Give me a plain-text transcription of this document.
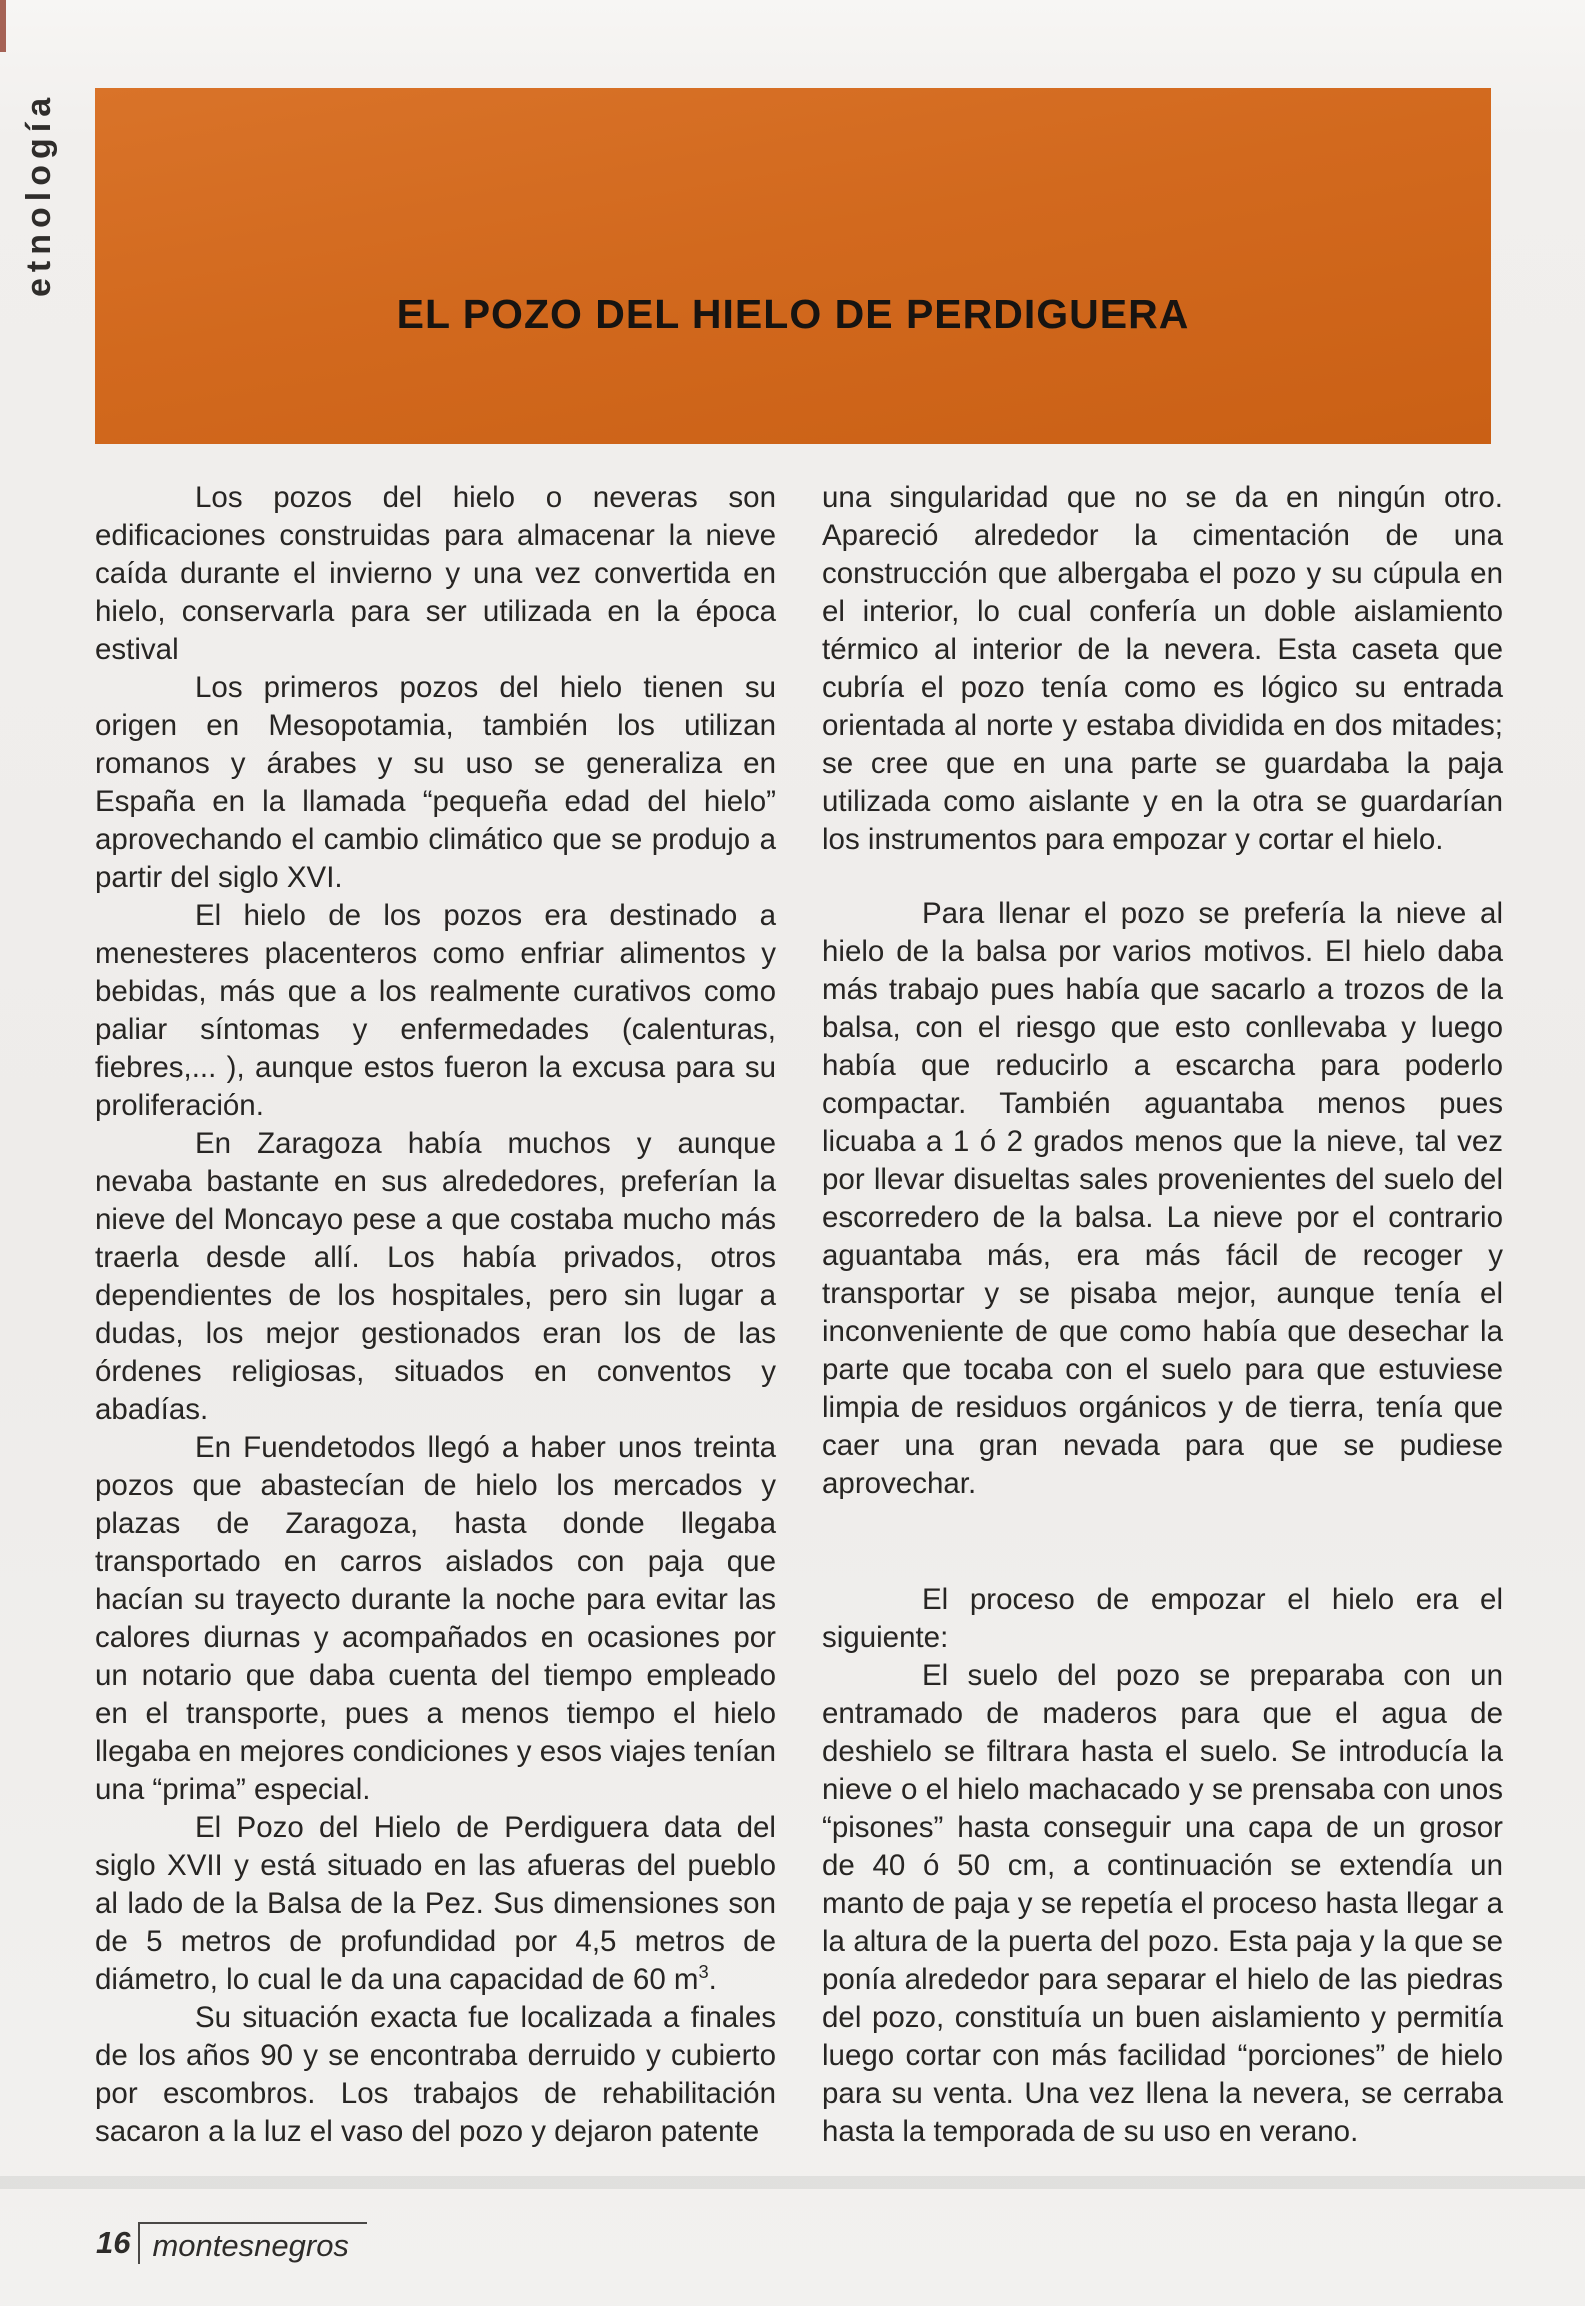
etnología
EL POZO DEL HIELO DE PERDIGUERA

Los pozos del hielo o neveras son edificaciones construidas para almacenar la nieve caída durante el invierno y una vez convertida en hielo, conservarla para ser utilizada en la época estival

Los primeros pozos del hielo tienen su origen en Mesopotamia, también los utilizan romanos y árabes y su uso se generaliza en España en la llamada “pequeña edad del hielo” aprovechando el cambio climático que se produjo a partir del siglo XVI.

El hielo de los pozos era destinado a menesteres placenteros como enfriar alimentos y bebidas, más que a los realmente curativos como paliar síntomas y enfermedades (calenturas, fiebres,... ), aunque estos fueron la excusa para su proliferación.

En Zaragoza había muchos y aunque nevaba bastante en sus alrededores, preferían la nieve del Moncayo pese a que costaba mucho más traerla desde allí. Los había privados, otros dependientes de los hospitales, pero sin lugar a dudas, los mejor gestionados eran los de las órdenes religiosas, situados en conventos y abadías.

En Fuendetodos llegó a haber unos treinta pozos que abastecían de hielo los mercados y plazas de Zaragoza, hasta donde llegaba transportado en carros aislados con paja que hacían su trayecto durante la noche para evitar las calores diurnas y acompañados en ocasiones por un notario que daba cuenta del tiempo empleado en el transporte, pues a menos tiempo el hielo llegaba en mejores condiciones y esos viajes tenían una “prima” especial.

El Pozo del Hielo de Perdiguera data del siglo XVII y está situado en las afueras del pueblo al lado de la Balsa de la Pez. Sus dimensiones son de 5 metros de profundidad por 4,5 metros de diámetro, lo cual le da una capacidad de 60 $m^3$.

Su situación exacta fue localizada a finales de los años 90 y se encontraba derruido y cubierto por escombros. Los trabajos de rehabilitación sacaron a la luz el vaso del pozo y dejaron patente

una singularidad que no se da en ningún otro. Apareció alrededor la cimentación de una construcción que albergaba el pozo y su cúpula en el interior, lo cual confería un doble aislamiento térmico al interior de la nevera. Esta caseta que cubría el pozo tenía como es lógico su entrada orientada al norte y estaba dividida en dos mitades; se cree que en una parte se guardaba la paja utilizada como aislante y en la otra se guardarían los instrumentos para empozar y cortar el hielo.

Para llenar el pozo se prefería la nieve al hielo de la balsa por varios motivos. El hielo daba más trabajo pues había que sacarlo a trozos de la balsa, con el riesgo que esto conllevaba y luego había que reducirlo a escarcha para poderlo compactar. También aguantaba menos pues licuaba a 1 ó 2 grados menos que la nieve, tal vez por llevar disueltas sales provenientes del suelo del escorredero de la balsa. La nieve por el contrario aguantaba más, era más fácil de recoger y transportar y se pisaba mejor, aunque tenía el inconveniente de que como había que desechar la parte que tocaba con el suelo para que estuviese limpia de residuos orgánicos y de tierra, tenía que caer una gran nevada para que se pudiese aprovechar.

El proceso de empozar el hielo era el siguiente:

El suelo del pozo se preparaba con un entramado de maderos para que el agua de deshielo se filtrara hasta el suelo. Se introducía la nieve o el hielo machacado y se prensaba con unos “pisones” hasta conseguir una capa de un grosor de 40 ó 50 cm, a continuación se extendía un manto de paja y se repetía el proceso hasta llegar a la altura de la puerta del pozo. Esta paja y la que se ponía alrededor para separar el hielo de las piedras del pozo, constituía un buen aislamiento y permitía luego cortar con más facilidad “porciones” de hielo para su venta. Una vez llena la nevera, se cerraba hasta la temporada de su uso en verano.

16 montesnegros
